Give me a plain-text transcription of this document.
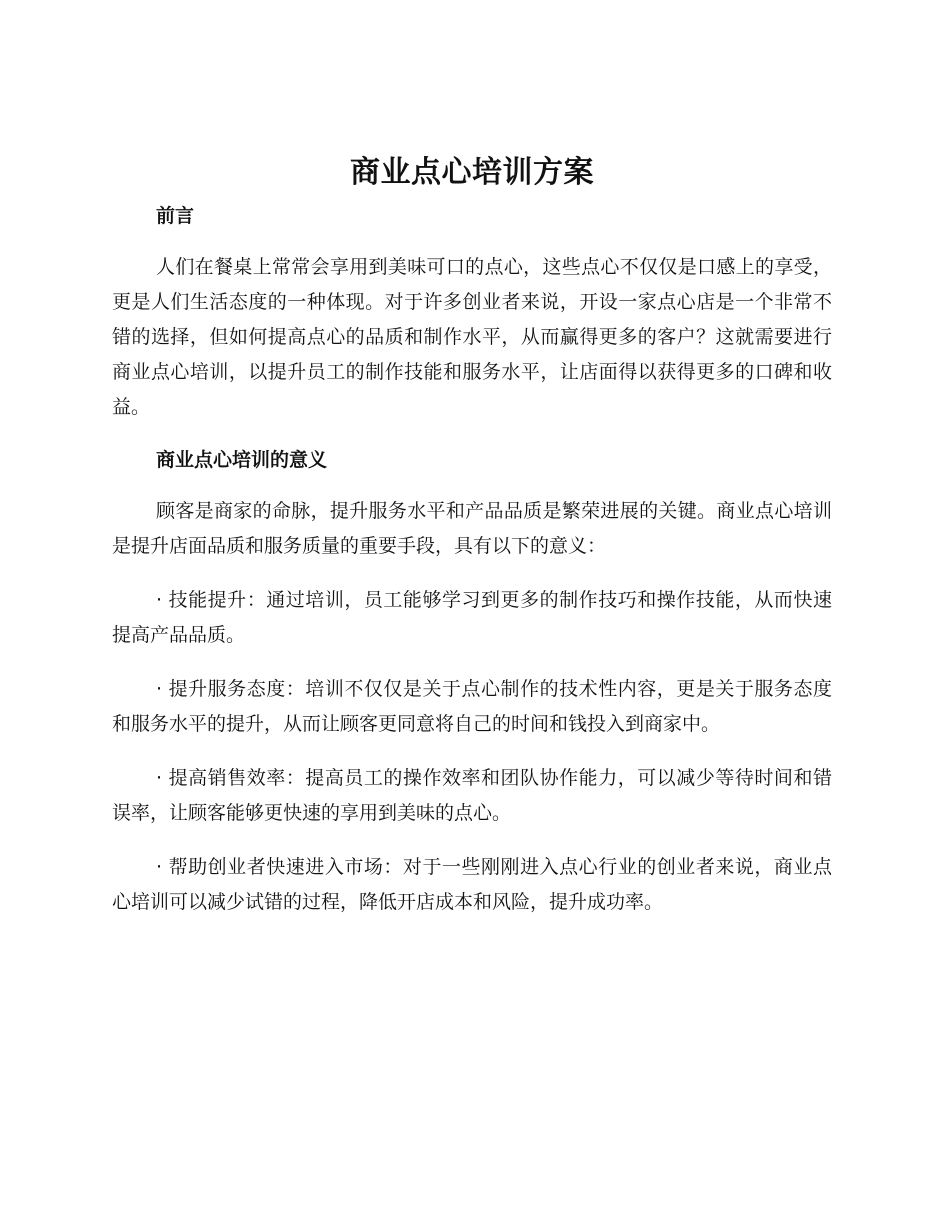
商业点心培训方案
前言

人们在餐桌上常常会享用到美味可口的点心，这些点心不仅仅是口感上的享受，更是人们生活态度的一种体现。对于许多创业者来说，开设一家点心店是一个非常不错的选择，但如何提高点心的品质和制作水平，从而赢得更多的客户？这就需要进行商业点心培训，以提升员工的制作技能和服务水平，让店面得以获得更多的口碑和收益。

商业点心培训的意义

顾客是商家的命脉，提升服务水平和产品品质是繁荣进展的关键。商业点心培训是提升店面品质和服务质量的重要手段，具有以下的意义：

· 技能提升：通过培训，员工能够学习到更多的制作技巧和操作技能，从而快速提高产品品质。

· 提升服务态度：培训不仅仅是关于点心制作的技术性内容，更是关于服务态度和服务水平的提升，从而让顾客更同意将自己的时间和钱投入到商家中。

· 提高销售效率：提高员工的操作效率和团队协作能力，可以减少等待时间和错误率，让顾客能够更快速的享用到美味的点心。

· 帮助创业者快速进入市场：对于一些刚刚进入点心行业的创业者来说，商业点心培训可以减少试错的过程，降低开店成本和风险，提升成功率。
